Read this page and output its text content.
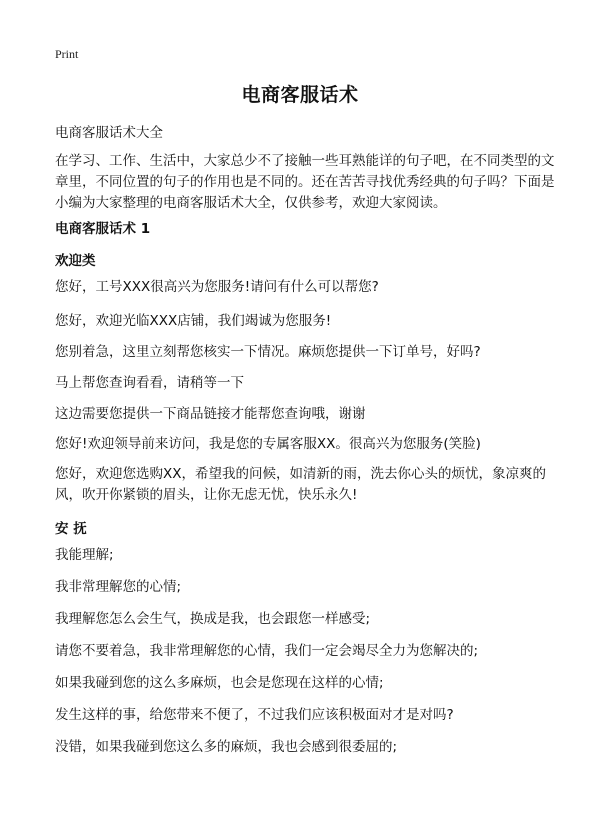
Print
电商客服话术

电商客服话术大全

在学习、工作、生活中，大家总少不了接触一些耳熟能详的句子吧，在不同类型的文章里，不同位置的句子的作用也是不同的。还在苦苦寻找优秀经典的句子吗？下面是小编为大家整理的电商客服话术大全，仅供参考，欢迎大家阅读。

电商客服话术 1

欢迎类

您好，工号XXX很高兴为您服务!请问有什么可以帮您?

您好，欢迎光临XXX店铺，我们竭诚为您服务!

您别着急，这里立刻帮您核实一下情况。麻烦您提供一下订单号，好吗?

马上帮您查询看看，请稍等一下

这边需要您提供一下商品链接才能帮您查询哦，谢谢

您好!欢迎领导前来访问，我是您的专属客服XX。很高兴为您服务(笑脸)

您好，欢迎您选购XX，希望我的问候，如清新的雨，洗去你心头的烦忧，象凉爽的风，吹开你紧锁的眉头，让你无虑无忧，快乐永久!

安 抚

我能理解;

我非常理解您的心情;

我理解您怎么会生气，换成是我，也会跟您一样感受;

请您不要着急，我非常理解您的心情，我们一定会竭尽全力为您解决的;

如果我碰到您的这么多麻烦，也会是您现在这样的心情;

发生这样的事，给您带来不便了，不过我们应该积极面对才是对吗?

没错，如果我碰到您这么多的麻烦，我也会感到很委屈的;
